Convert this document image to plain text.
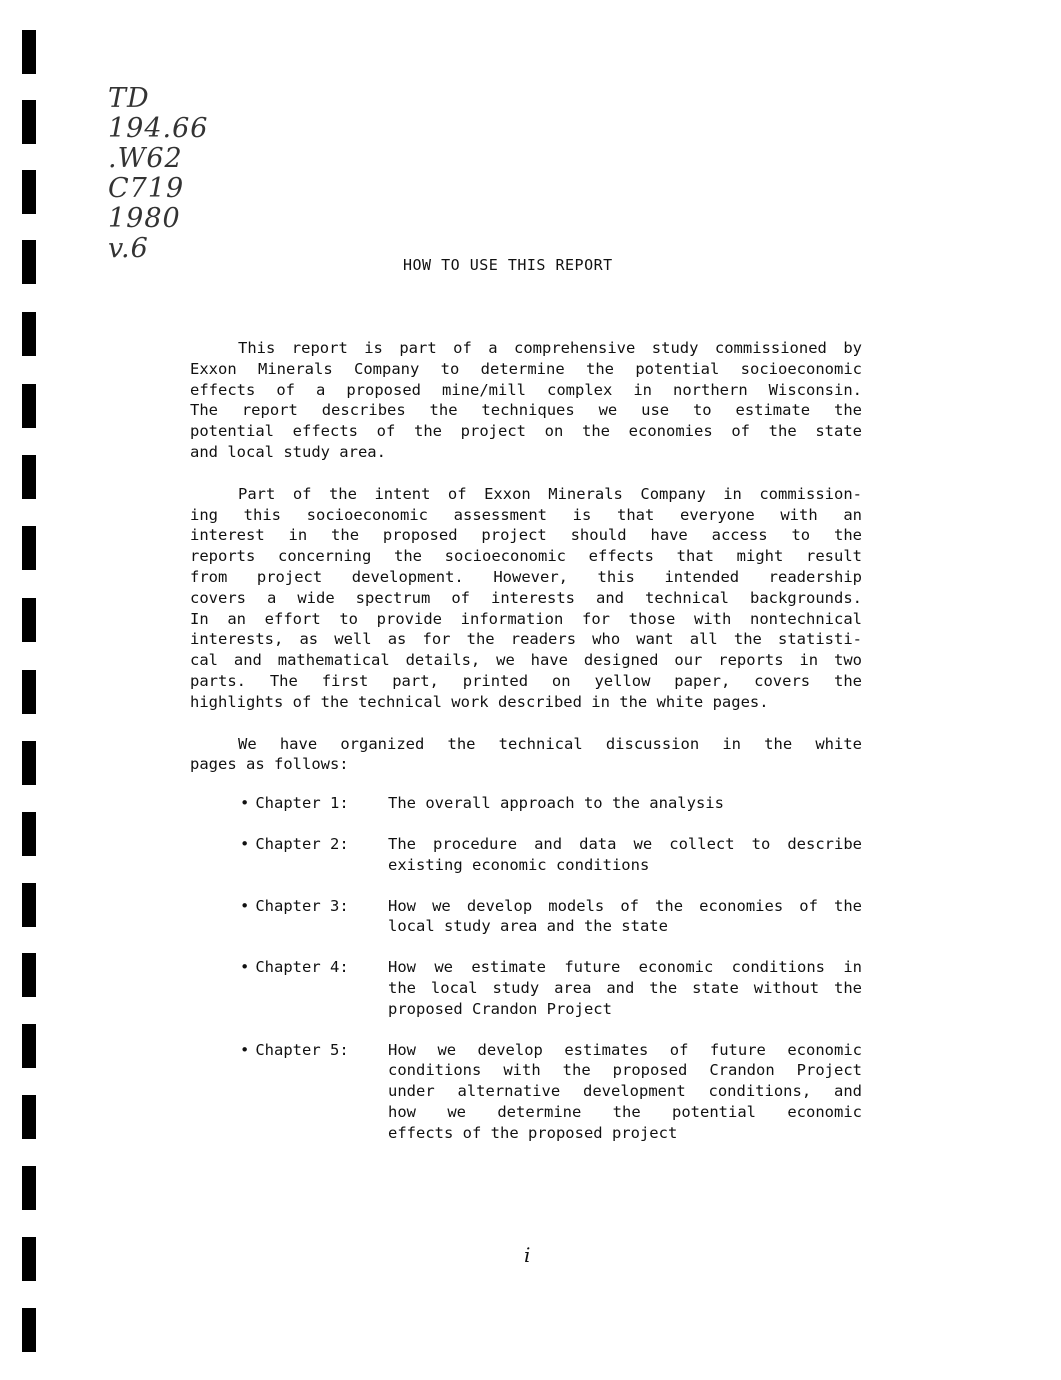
TD
194.66
.W62
C719
1980
v.6
HOW TO USE THIS REPORT
This report is part of a comprehensive study commissioned by
Exxon Minerals Company to determine the potential socioeconomic
effects of a proposed mine/mill complex in northern Wisconsin.
The report describes the techniques we use to estimate the
potential effects of the project on the economies of the state
and local study area.
Part of the intent of Exxon Minerals Company in commission-
ing this socioeconomic assessment is that everyone with an
interest in the proposed project should have access to the
reports concerning the socioeconomic effects that might result
from project development. However, this intended readership
covers a wide spectrum of interests and technical backgrounds.
In an effort to provide information for those with nontechnical
interests, as well as for the readers who want all the statisti-
cal and mathematical details, we have designed our reports in two
parts. The first part, printed on yellow paper, covers the
highlights of the technical work described in the white pages.
We have organized the technical discussion in the white
pages as follows:
• Chapter 1:	The overall approach to the analysis
• Chapter 2:	The procedure and data we collect to describe
existing economic conditions
• Chapter 3:	How we develop models of the economies of the
local study area and the state
• Chapter 4:	How we estimate future economic conditions in
the local study area and the state without the
proposed Crandon Project
• Chapter 5:	How we develop estimates of future economic
conditions with the proposed Crandon Project
under alternative development conditions, and
how we determine the potential economic
effects of the proposed project
i
